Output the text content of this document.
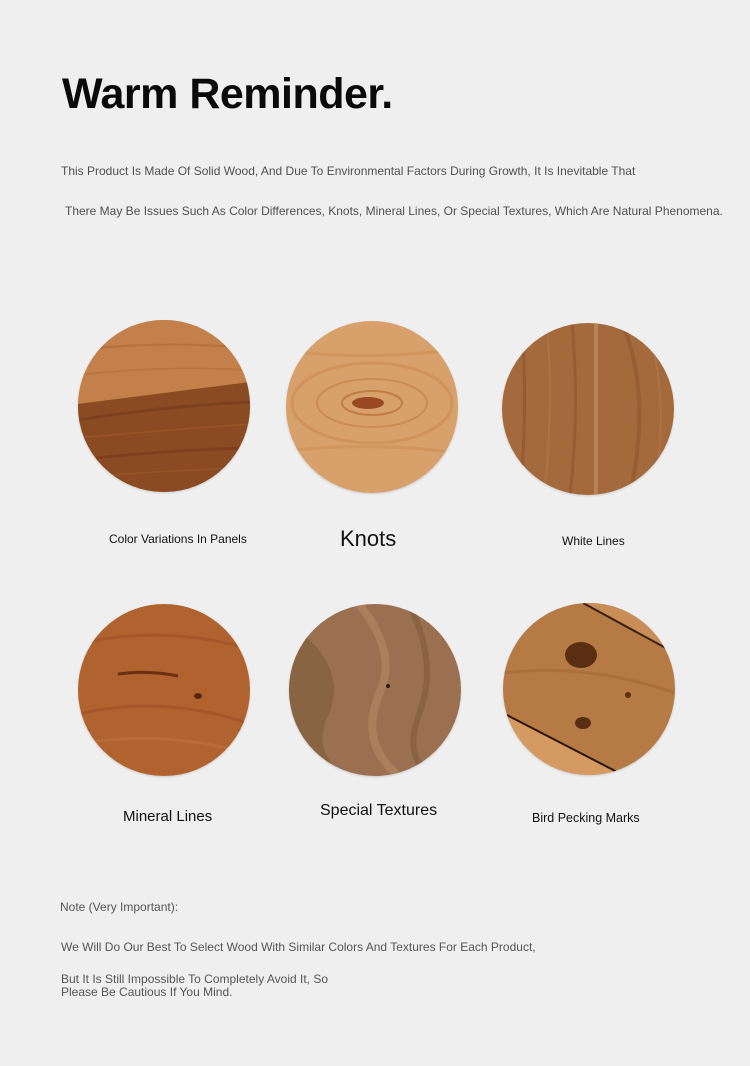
Warm Reminder.
This Product Is Made Of Solid Wood, And Due To Environmental Factors During Growth, It Is Inevitable That
There May Be Issues Such As Color Differences, Knots, Mineral Lines, Or Special Textures, Which Are Natural Phenomena.
Color Variations In Panels	Knots	White Lines
Mineral Lines	Special Textures	Bird Pecking Marks
Note (Very Important):
We Will Do Our Best To Select Wood With Similar Colors And Textures For Each Product,
But It Is Still Impossible To Completely Avoid It, So
Please Be Cautious If You Mind.
